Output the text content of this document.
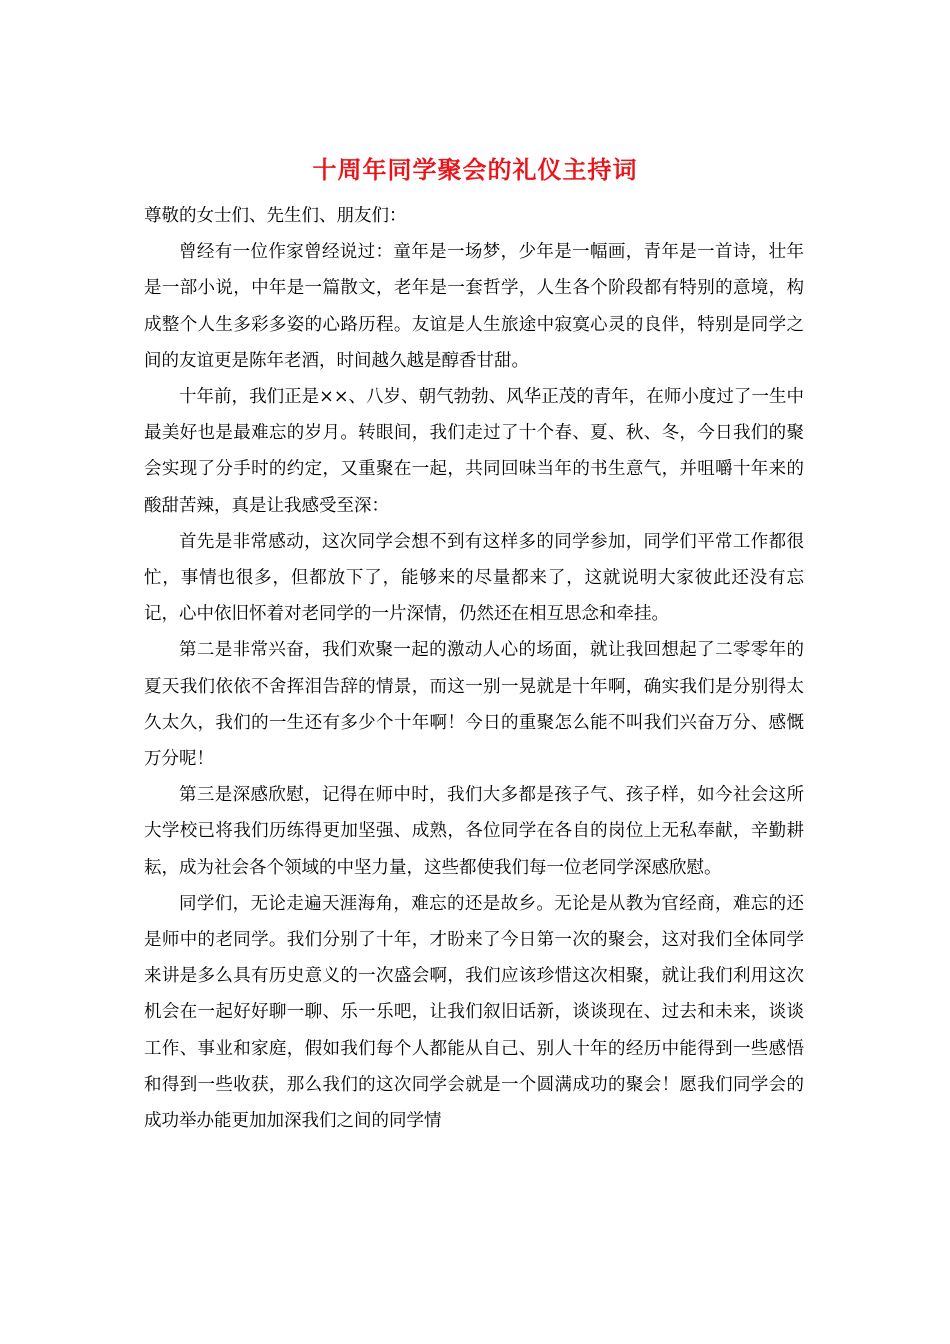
十周年同学聚会的礼仪主持词

尊敬的女士们、先生们、朋友们：

曾经有一位作家曾经说过：童年是一场梦，少年是一幅画，青年是一首诗，壮年是一部小说，中年是一篇散文，老年是一套哲学，人生各个阶段都有特别的意境，构成整个人生多彩多姿的心路历程。友谊是人生旅途中寂寞心灵的良伴，特别是同学之间的友谊更是陈年老酒，时间越久越是醇香甘甜。

十年前，我们正是××、八岁、朝气勃勃、风华正茂的青年，在师小度过了一生中最美好也是最难忘的岁月。转眼间，我们走过了十个春、夏、秋、冬，今日我们的聚会实现了分手时的约定，又重聚在一起，共同回味当年的书生意气，并咀嚼十年来的酸甜苦辣，真是让我感受至深：

首先是非常感动，这次同学会想不到有这样多的同学参加，同学们平常工作都很忙，事情也很多，但都放下了，能够来的尽量都来了，这就说明大家彼此还没有忘记，心中依旧怀着对老同学的一片深情，仍然还在相互思念和牵挂。

第二是非常兴奋，我们欢聚一起的激动人心的场面，就让我回想起了二零零年的夏天我们依依不舍挥泪告辞的情景，而这一别一晃就是十年啊，确实我们是分别得太久太久，我们的一生还有多少个十年啊！今日的重聚怎么能不叫我们兴奋万分、感慨万分呢！

第三是深感欣慰，记得在师中时，我们大多都是孩子气、孩子样，如今社会这所大学校已将我们历练得更加坚强、成熟，各位同学在各自的岗位上无私奉献，辛勤耕耘，成为社会各个领域的中坚力量，这些都使我们每一位老同学深感欣慰。

同学们，无论走遍天涯海角，难忘的还是故乡。无论是从教为官经商，难忘的还是师中的老同学。我们分别了十年，才盼来了今日第一次的聚会，这对我们全体同学来讲是多么具有历史意义的一次盛会啊，我们应该珍惜这次相聚，就让我们利用这次机会在一起好好聊一聊、乐一乐吧，让我们叙旧话新，谈谈现在、过去和未来，谈谈工作、事业和家庭，假如我们每个人都能从自己、别人十年的经历中能得到一些感悟和得到一些收获，那么我们的这次同学会就是一个圆满成功的聚会！愿我们同学会的成功举办能更加加深我们之间的同学情
